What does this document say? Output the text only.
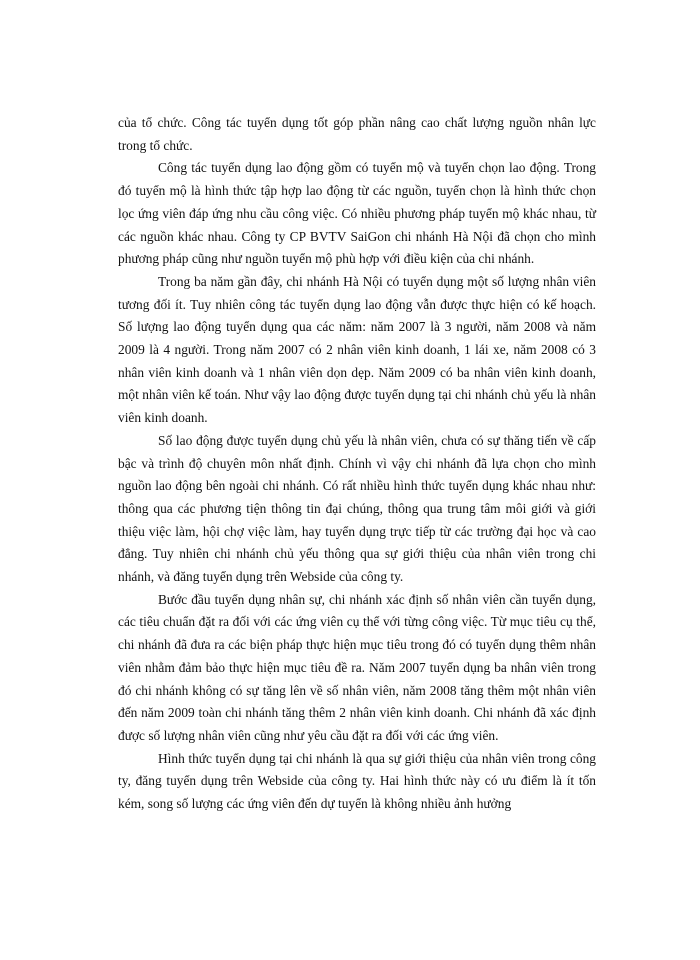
của tổ chức. Công tác tuyển dụng tốt góp phần nâng cao chất lượng nguồn nhân lực trong tổ chức.

Công tác tuyển dụng lao động gồm có tuyển mộ và tuyển chọn lao động. Trong đó tuyển mộ là hình thức tập hợp lao động từ các nguồn, tuyển chọn là hình thức chọn lọc ứng viên đáp ứng nhu cầu công việc. Có nhiều phương pháp tuyển mộ khác nhau, từ các nguồn khác nhau. Công ty CP BVTV SaiGon chi nhánh Hà Nội đã chọn cho mình phương pháp cũng như nguồn tuyển mộ phù hợp với điều kiện của chi nhánh.

Trong ba năm gần đây, chi nhánh Hà Nội có tuyển dụng một số lượng nhân viên tương đối ít. Tuy nhiên công tác tuyển dụng lao động vẫn được thực hiện có kế hoạch. Số lượng lao động tuyển dụng qua các năm: năm 2007 là 3 người, năm 2008 và năm 2009 là 4 người. Trong năm 2007 có 2 nhân viên kinh doanh, 1 lái xe, năm 2008 có 3 nhân viên kinh doanh và 1 nhân viên dọn dẹp. Năm 2009 có ba nhân viên kinh doanh, một nhân viên kế toán. Như vậy lao động được tuyển dụng tại chi nhánh chủ yếu là nhân viên kinh doanh.

Số lao động được tuyển dụng chủ yếu là nhân viên, chưa có sự thăng tiến về cấp bậc và trình độ chuyên môn nhất định. Chính vì vậy chi nhánh đã lựa chọn cho mình nguồn lao động bên ngoài chi nhánh. Có rất nhiều hình thức tuyển dụng khác nhau như: thông qua các phương tiện thông tin đại chúng, thông qua trung tâm môi giới và giới thiệu việc làm, hội chợ việc làm, hay tuyển dụng trực tiếp từ các trường đại học và cao đẳng. Tuy nhiên chi nhánh chủ yếu thông qua sự giới thiệu của nhân viên trong chi nhánh, và đăng tuyển dụng trên Webside của công ty.

Bước đầu tuyển dụng nhân sự, chi nhánh xác định số nhân viên cần tuyển dụng, các tiêu chuẩn đặt ra đối với các ứng viên cụ thể với từng công việc. Từ mục tiêu cụ thể, chi nhánh đã đưa ra các biện pháp thực hiện mục tiêu trong đó có tuyển dụng thêm nhân viên nhằm đảm bảo thực hiện mục tiêu đề ra. Năm 2007 tuyển dụng ba nhân viên trong đó chi nhánh không có sự tăng lên về số nhân viên, năm 2008 tăng thêm một nhân viên đến năm 2009 toàn chi nhánh tăng thêm 2 nhân viên kinh doanh. Chi nhánh đã xác định được số lượng nhân viên cũng như yêu cầu đặt ra đối với các ứng viên.

Hình thức tuyển dụng tại chi nhánh là qua sự giới thiệu của nhân viên trong công ty, đăng tuyển dụng trên Webside của công ty. Hai hình thức này có ưu điểm là ít tốn kém, song số lượng các ứng viên đến dự tuyển là không nhiều ảnh hưởng
